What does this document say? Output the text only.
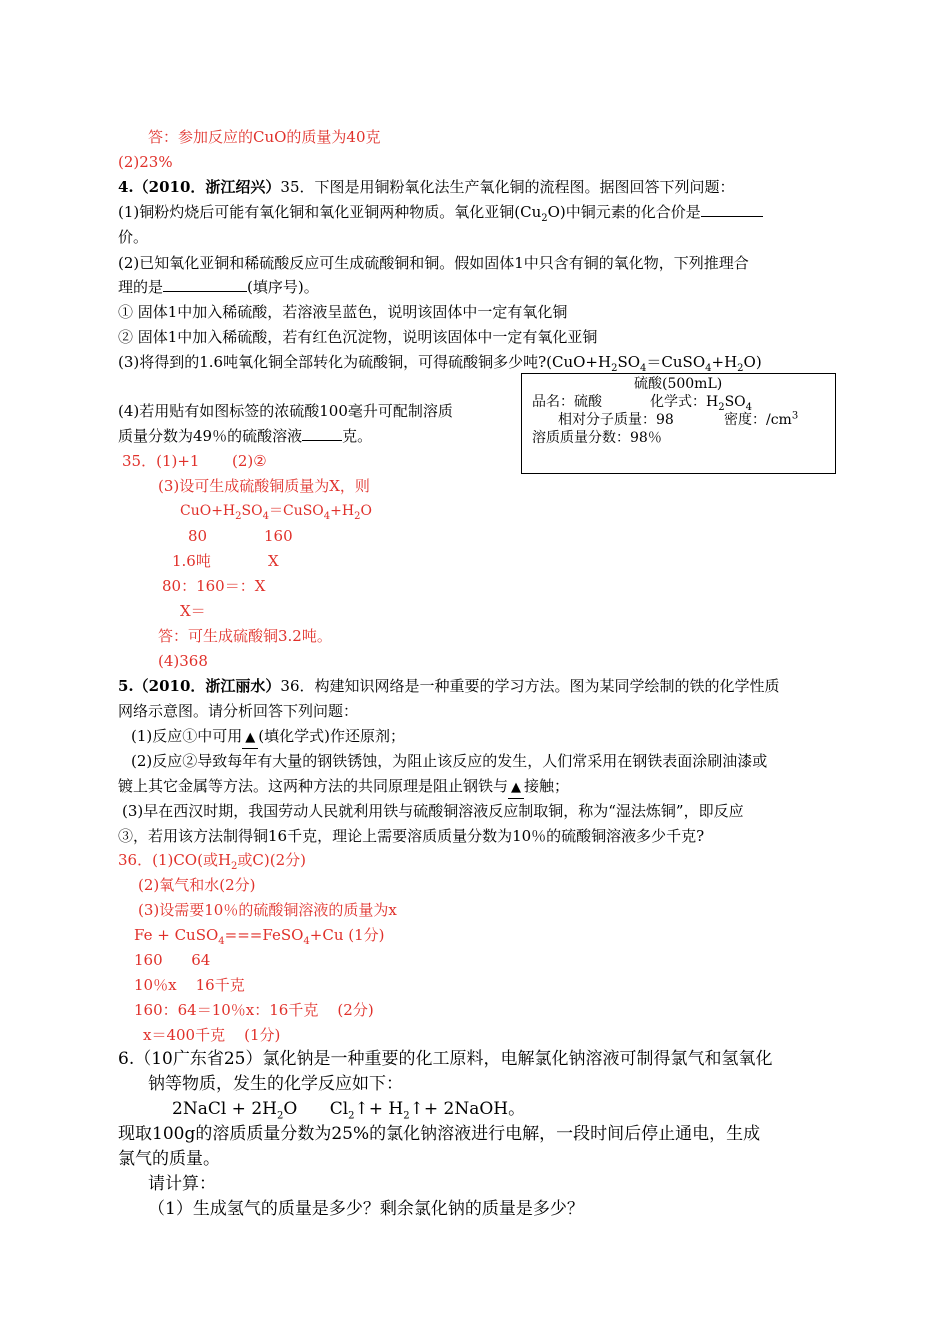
答：参加反应的CuO的质量为40克
(2)23%
4.（2010．浙江绍兴）35．下图是用铜粉氧化法生产氧化铜的流程图。据图回答下列问题：
(1)铜粉灼烧后可能有氧化铜和氧化亚铜两种物质。氧化亚铜$(Cu_2O)$中铜元素的化合价是
价。
(2)已知氧化亚铜和稀硫酸反应可生成硫酸铜和铜。假如固体1中只含有铜的氧化物，下列推理合
理的是	(填序号)。
① 固体1中加入稀硫酸，若溶液呈蓝色，说明该固体中一定有氧化铜
② 固体1中加入稀硫酸，若有红色沉淀物，说明该固体中一定有氧化亚铜
(3)将得到的1.6吨氧化铜全部转化为硫酸铜，可得硫酸铜多少吨$?(CuO+H_2SO_4=CuSO_4+H_2O)$
(4)若用贴有如图标签的浓硫酸100毫升可配制溶质
质量分数为49％的硫酸溶液	克。
硫酸(500mL)
品名：硫酸	化学式：$H_2SO_4$
相对分子质量：98	密度：$/cm^3$
溶质质量分数：98％
35．(1)+1 (2)②
(3)设可生成硫酸铜质量为X，则
$CuO+H_2SO_4=CuSO_4+H_2O$
80	160
1.6吨	X
80：160＝：X
X＝
答：可生成硫酸铜3.2吨。
(4)368
5.（2010．浙江丽水）36．构建知识网络是一种重要的学习方法。图为某同学绘制的铁的化学性质
网络示意图。请分析回答下列问题：
(1)反应①中可用 ▲ (填化学式)作还原剂；
(2)反应②导致每年有大量的钢铁锈蚀，为阻止该反应的发生，人们常采用在钢铁表面涂刷油漆或
镀上其它金属等方法。这两种方法的共同原理是阻止钢铁与 ▲ 接触；
(3)早在西汉时期，我国劳动人民就利用铁与硫酸铜溶液反应制取铜，称为“湿法炼铜”，即反应
③，若用该方法制得铜16千克，理论上需要溶质质量分数为10％的硫酸铜溶液多少千克?
36．(1)CO(或$H_2$或C)(2分)
(2)氧气和水(2分)
(3)设需要10％的硫酸铜溶液的质量为x
Fe + CuSO$_4$===FeSO$_4$+Cu (1分)
160      64
10％x    16千克
160：64＝10％x：16千克    (2分)
x＝400千克    (1分)
6.（10广东省25）氯化钠是一种重要的化工原料，电解氯化钠溶液可制得氯气和氢氧化
钠等物质，发生的化学反应如下：
2NaCl + $2H_2O$      $Cl_2↑+$ $H_2↑+$ 2NaOH。
现取100g的溶质质量分数为25%的氯化钠溶液进行电解，一段时间后停止通电，生成
氯气的质量。
请计算：
（1）生成氢气的质量是多少？剩余氯化钠的质量是多少？
